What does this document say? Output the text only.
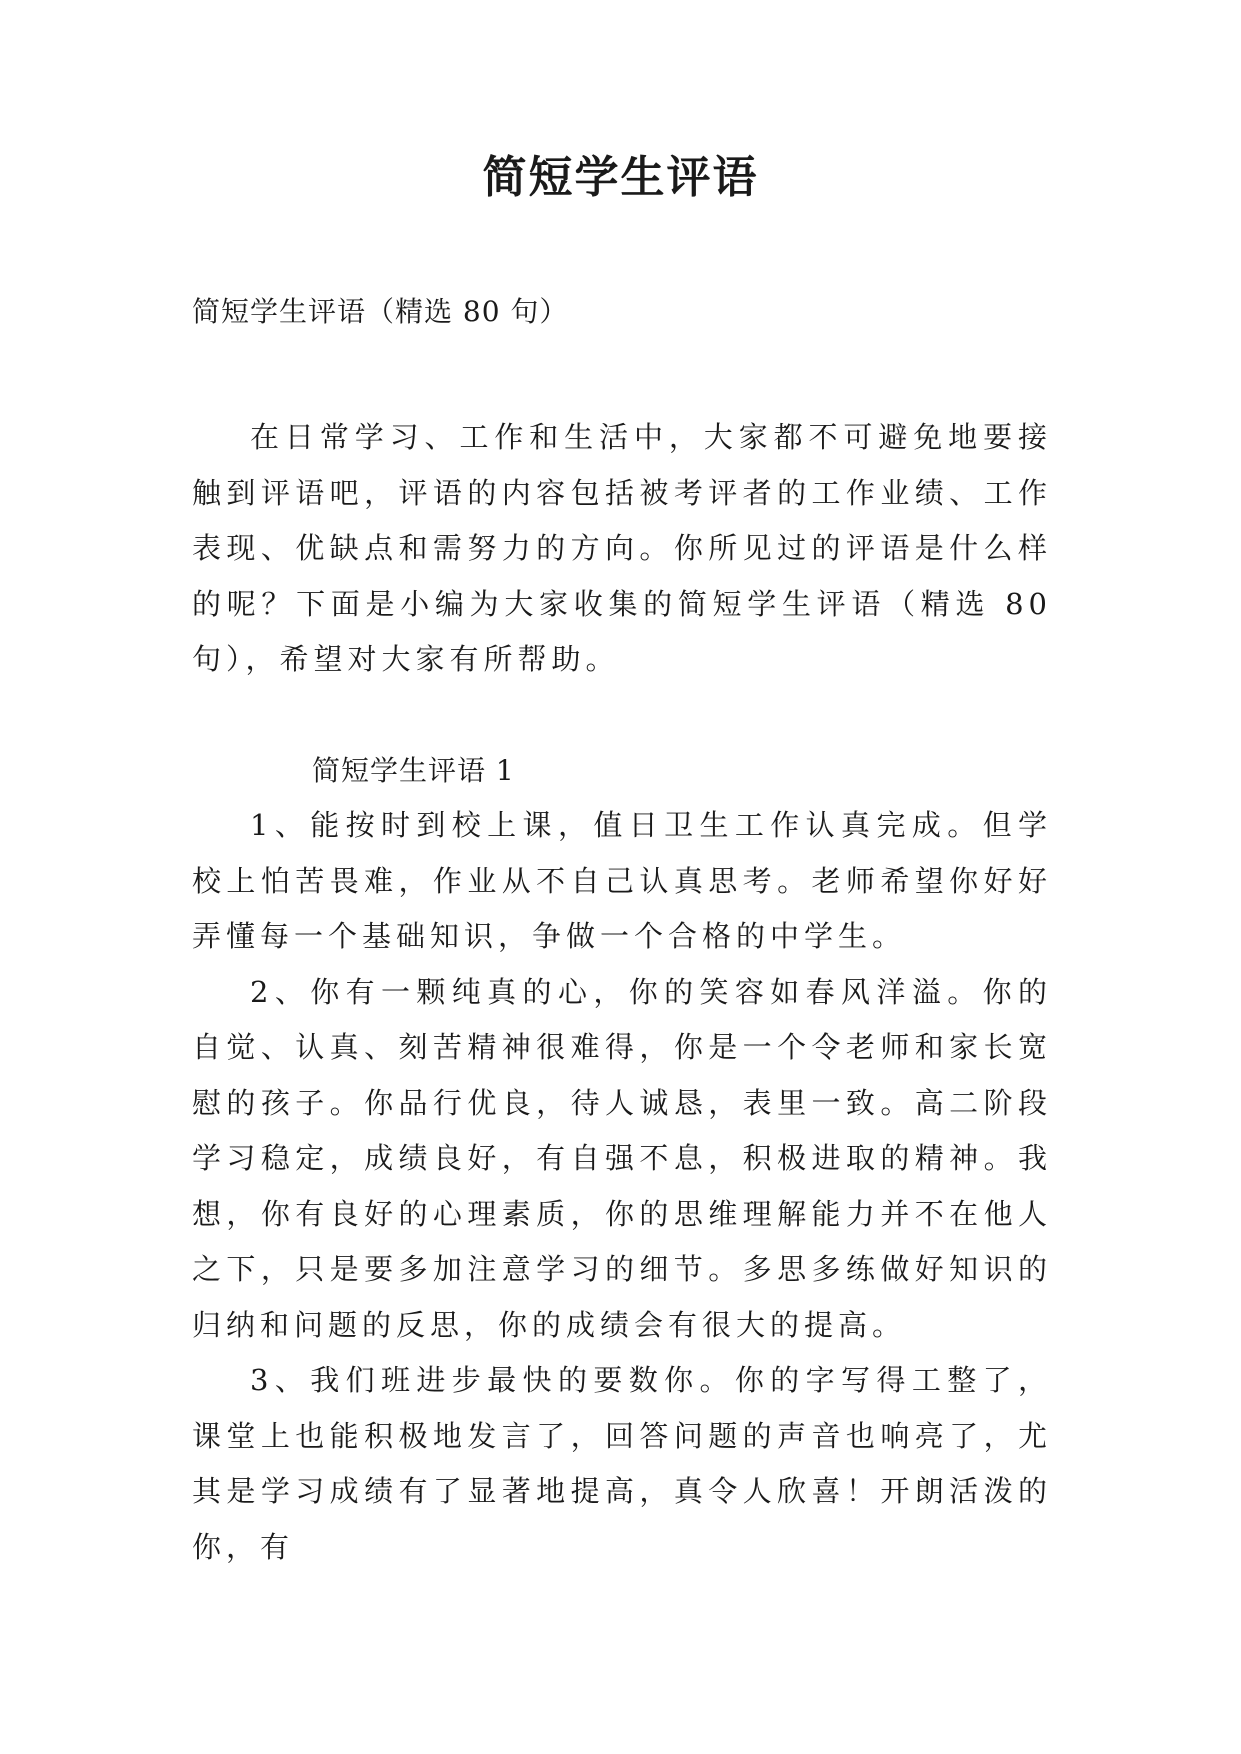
简短学生评语
简短学生评语（精选 80 句）

在日常学习、工作和生活中，大家都不可避免地要接触到评语吧，评语的内容包括被考评者的工作业绩、工作表现、优缺点和需努力的方向。你所见过的评语是什么样的呢？下面是小编为大家收集的简短学生评语（精选 80 句），希望对大家有所帮助。

简短学生评语 1

1、能按时到校上课，值日卫生工作认真完成。但学校上怕苦畏难，作业从不自己认真思考。老师希望你好好弄懂每一个基础知识，争做一个合格的中学生。

2、你有一颗纯真的心，你的笑容如春风洋溢。你的自觉、认真、刻苦精神很难得，你是一个令老师和家长宽慰的孩子。你品行优良，待人诚恳，表里一致。高二阶段学习稳定，成绩良好，有自强不息，积极进取的精神。我想，你有良好的心理素质，你的思维理解能力并不在他人之下，只是要多加注意学习的细节。多思多练做好知识的归纳和问题的反思，你的成绩会有很大的提高。

3、我们班进步最快的要数你。你的字写得工整了，课堂上也能积极地发言了，回答问题的声音也响亮了，尤其是学习成绩有了显著地提高，真令人欣喜！开朗活泼的你，有
